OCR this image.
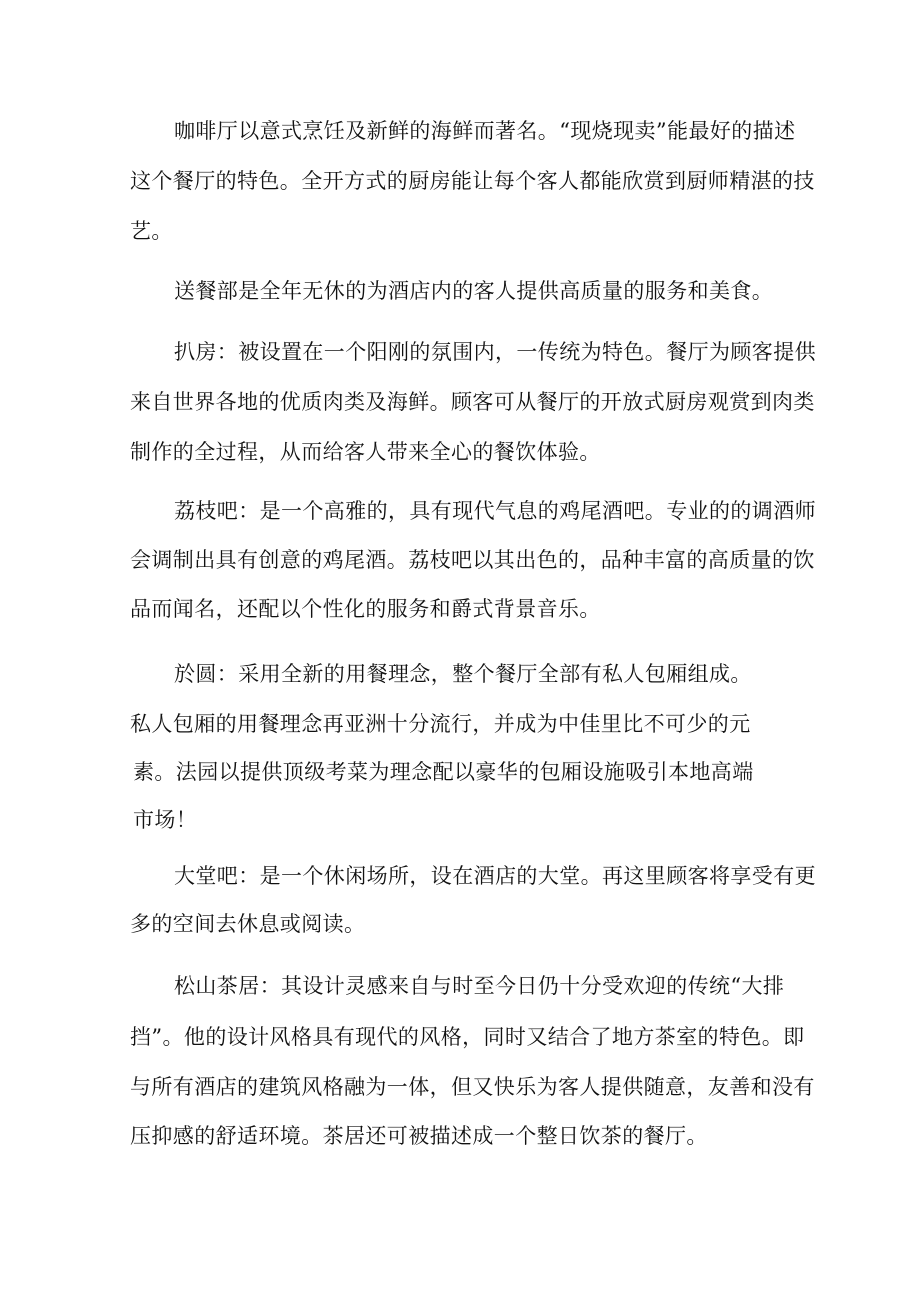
咖啡厅以意式烹饪及新鲜的海鲜而著名。“现烧现卖”能最好的描述
这个餐厅的特色。全开方式的厨房能让每个客人都能欣赏到厨师精湛的技
艺。
送餐部是全年无休的为酒店内的客人提供高质量的服务和美食。
扒房：被设置在一个阳刚的氛围内，一传统为特色。餐厅为顾客提供
来自世界各地的优质肉类及海鲜。顾客可从餐厅的开放式厨房观赏到肉类
制作的全过程，从而给客人带来全心的餐饮体验。
荔枝吧：是一个高雅的，具有现代气息的鸡尾酒吧。专业的的调酒师
会调制出具有创意的鸡尾酒。荔枝吧以其出色的，品种丰富的高质量的饮
品而闻名，还配以个性化的服务和爵式背景音乐。
於圆：采用全新的用餐理念，整个餐厅全部有私人包厢组成。
私人包厢的用餐理念再亚洲十分流行，并成为中佳里比不可少的元
素。法园以提供顶级考菜为理念配以豪华的包厢设施吸引本地高端
市场！
大堂吧：是一个休闲场所，设在酒店的大堂。再这里顾客将享受有更
多的空间去休息或阅读。
松山茶居：其设计灵感来自与时至今日仍十分受欢迎的传统“大排
挡”。他的设计风格具有现代的风格，同时又结合了地方茶室的特色。即
与所有酒店的建筑风格融为一体，但又快乐为客人提供随意，友善和没有
压抑感的舒适环境。茶居还可被描述成一个整日饮茶的餐厅。
